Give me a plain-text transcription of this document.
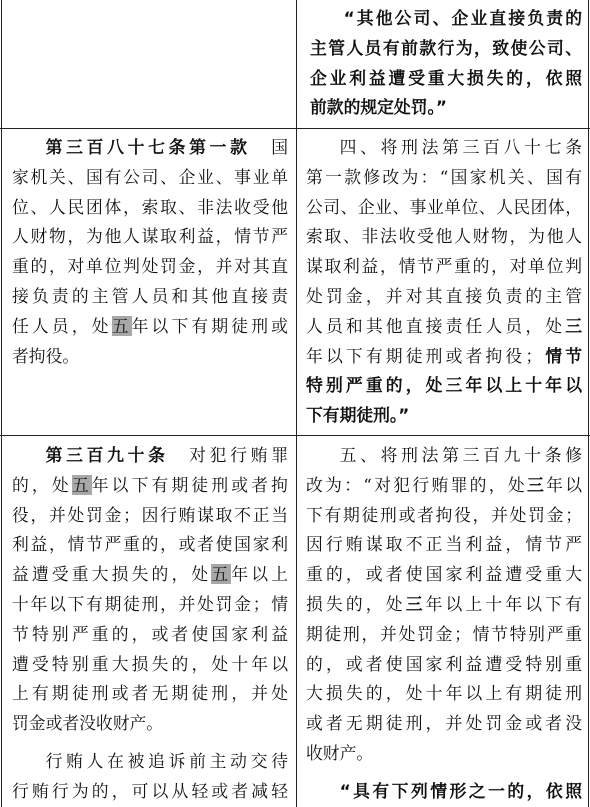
“其他公司、企业直接负责的
主管人员有前款行为，致使公司、
企业利益遭受重大损失的，依照
前款的规定处罚。”
第三百八十七条第一款  国
家机关、国有公司、企业、事业单
位、人民团体，索取、非法收受他
人财物，为他人谋取利益，情节严
重的，对单位判处罚金，并对其直
接负责的主管人员和其他直接责
任人员，处五年以下有期徒刑或
者拘役。
四、将刑法第三百八十七条
第一款修改为：“国家机关、国有
公司、企业、事业单位、人民团体，
索取、非法收受他人财物，为他人
谋取利益，情节严重的，对单位判
处罚金，并对其直接负责的主管
人员和其他直接责任人员，处三
年以下有期徒刑或者拘役；情节
特别严重的，处三年以上十年以
下有期徒刑。”
第三百九十条  对犯行贿罪
的，处五年以下有期徒刑或者拘
役，并处罚金；因行贿谋取不正当
利益，情节严重的，或者使国家利
益遭受重大损失的，处五年以上
十年以下有期徒刑，并处罚金；情
节特别严重的，或者使国家利益
遭受特别重大损失的，处十年以
上有期徒刑或者无期徒刑，并处
罚金或者没收财产。
行贿人在被追诉前主动交待
行贿行为的，可以从轻或者减轻
五、将刑法第三百九十条修
改为：“对犯行贿罪的，处三年以
下有期徒刑或者拘役，并处罚金；
因行贿谋取不正当利益，情节严
重的，或者使国家利益遭受重大
损失的，处三年以上十年以下有
期徒刑，并处罚金；情节特别严重
的，或者使国家利益遭受特别重
大损失的，处十年以上有期徒刑
或者无期徒刑，并处罚金或者没
收财产。
“具有下列情形之一的，依照
